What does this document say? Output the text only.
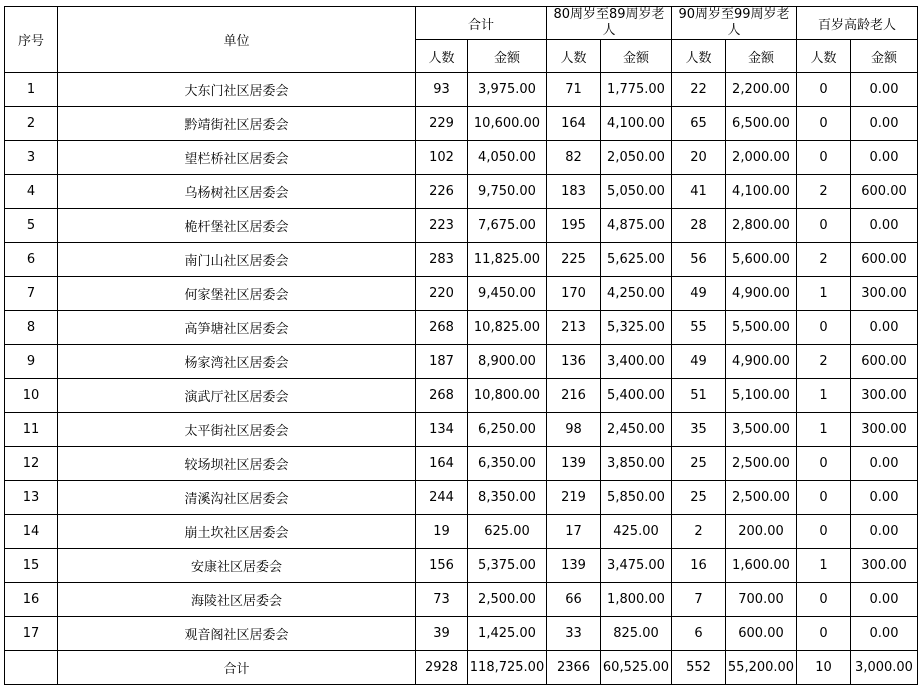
序号	单位	合计		80周岁至89周岁老人		90周岁至99周岁老人		百岁高龄老人	
		人数	金额	人数	金额	人数	金额	人数	金额
1	大东门社区居委会	93	3,975.00	71	1,775.00	22	2,200.00	0	0.00
2	黔靖街社区居委会	229	10,600.00	164	4,100.00	65	6,500.00	0	0.00
3	望栏桥社区居委会	102	4,050.00	82	2,050.00	20	2,000.00	0	0.00
4	乌杨树社区居委会	226	9,750.00	183	5,050.00	41	4,100.00	2	600.00
5	桅杆堡社区居委会	223	7,675.00	195	4,875.00	28	2,800.00	0	0.00
6	南门山社区居委会	283	11,825.00	225	5,625.00	56	5,600.00	2	600.00
7	何家堡社区居委会	220	9,450.00	170	4,250.00	49	4,900.00	1	300.00
8	高笋塘社区居委会	268	10,825.00	213	5,325.00	55	5,500.00	0	0.00
9	杨家湾社区居委会	187	8,900.00	136	3,400.00	49	4,900.00	2	600.00
10	演武厅社区居委会	268	10,800.00	216	5,400.00	51	5,100.00	1	300.00
11	太平街社区居委会	134	6,250.00	98	2,450.00	35	3,500.00	1	300.00
12	较场坝社区居委会	164	6,350.00	139	3,850.00	25	2,500.00	0	0.00
13	清溪沟社区居委会	244	8,350.00	219	5,850.00	25	2,500.00	0	0.00
14	崩土坎社区居委会	19	625.00	17	425.00	2	200.00	0	0.00
15	安康社区居委会	156	5,375.00	139	3,475.00	16	1,600.00	1	300.00
16	海陵社区居委会	73	2,500.00	66	1,800.00	7	700.00	0	0.00
17	观音阁社区居委会	39	1,425.00	33	825.00	6	600.00	0	0.00
	合计	2928	118,725.00	2366	60,525.00	552	55,200.00	10	3,000.00
